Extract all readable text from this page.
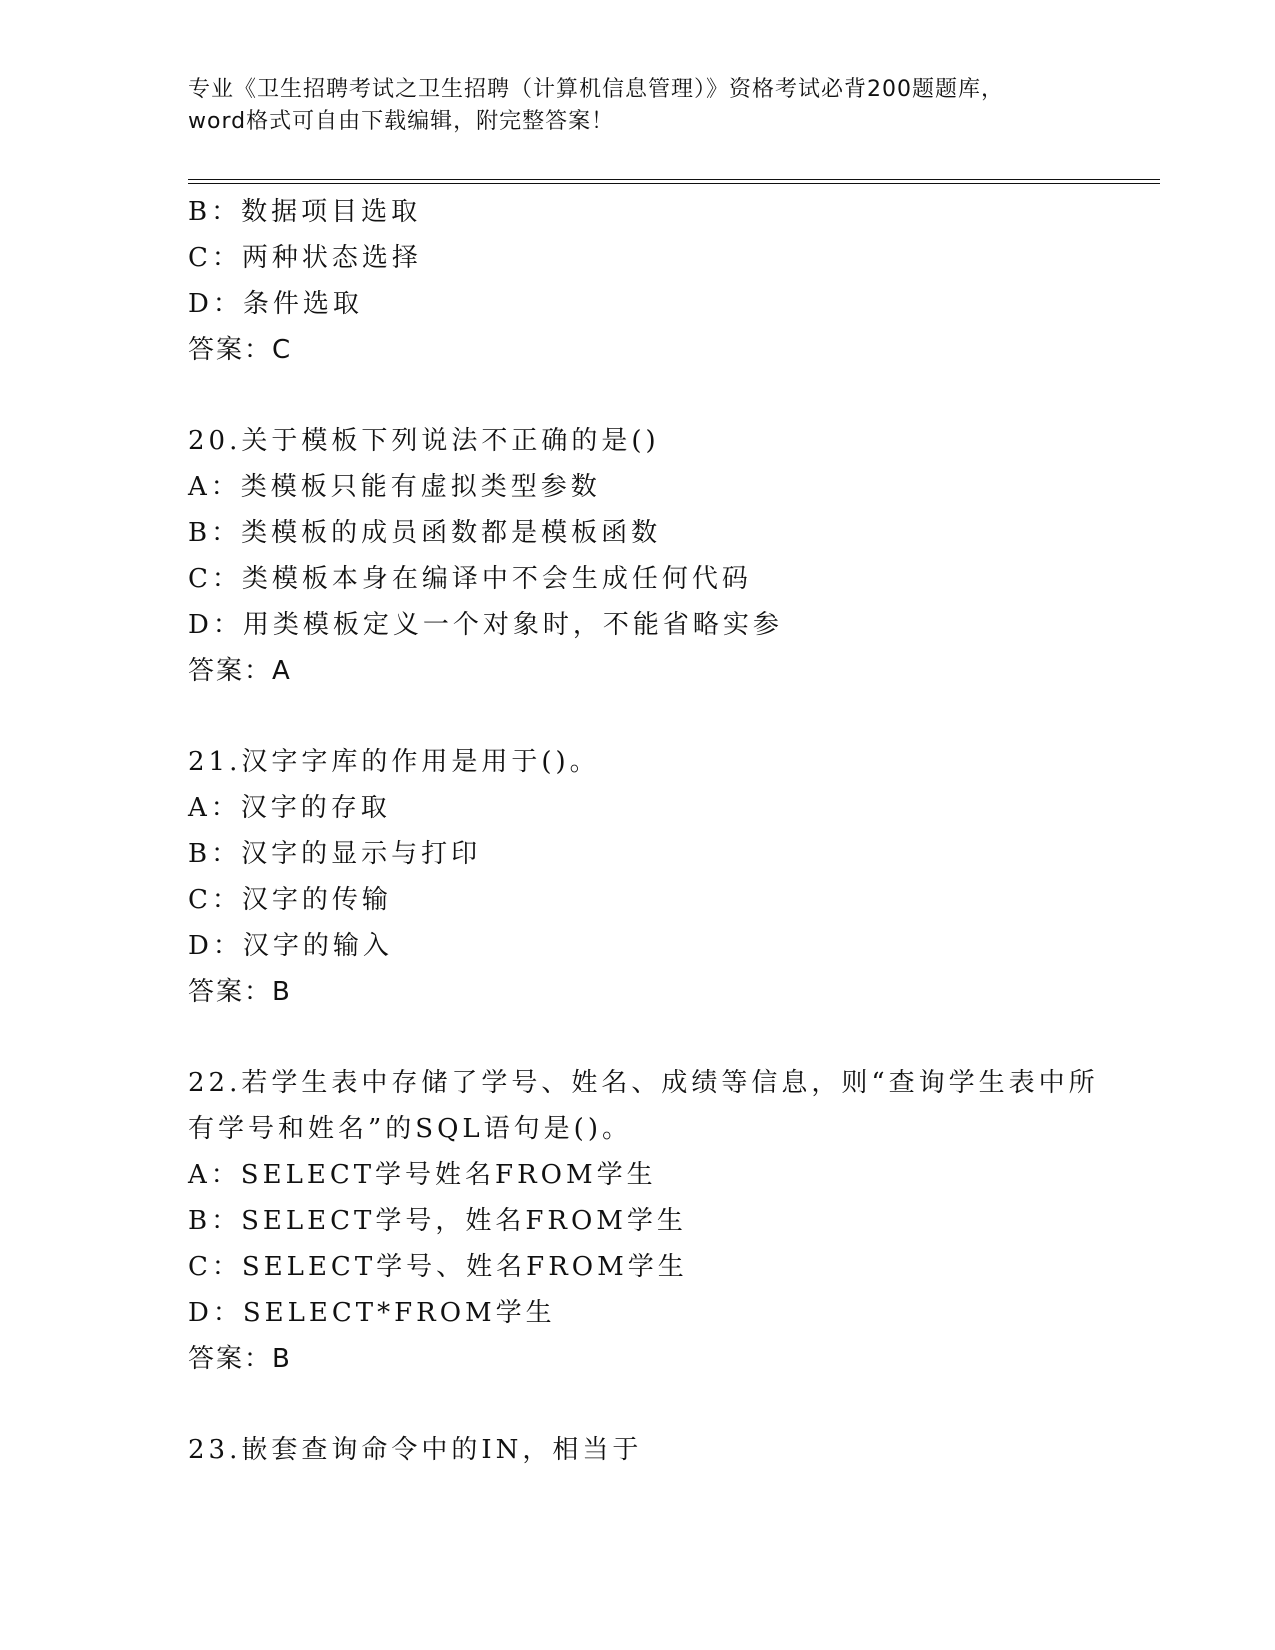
专业《卫生招聘考试之卫生招聘（计算机信息管理）》资格考试必背200题题库，
word格式可自由下载编辑，附完整答案！
B：数据项目选取
C：两种状态选择
D：条件选取
答案：C
20.关于模板下列说法不正确的是()
A：类模板只能有虚拟类型参数
B：类模板的成员函数都是模板函数
C：类模板本身在编译中不会生成任何代码
D：用类模板定义一个对象时，不能省略实参
答案：A
21.汉字字库的作用是用于()。
A：汉字的存取
B：汉字的显示与打印
C：汉字的传输
D：汉字的输入
答案：B
22.若学生表中存储了学号、姓名、成绩等信息，则“查询学生表中所
有学号和姓名”的SQL语句是()。
A：SELECT学号姓名FROM学生
B：SELECT学号，姓名FROM学生
C：SELECT学号、姓名FROM学生
D：SELECT*FROM学生
答案：B
23.嵌套查询命令中的IN，相当于
